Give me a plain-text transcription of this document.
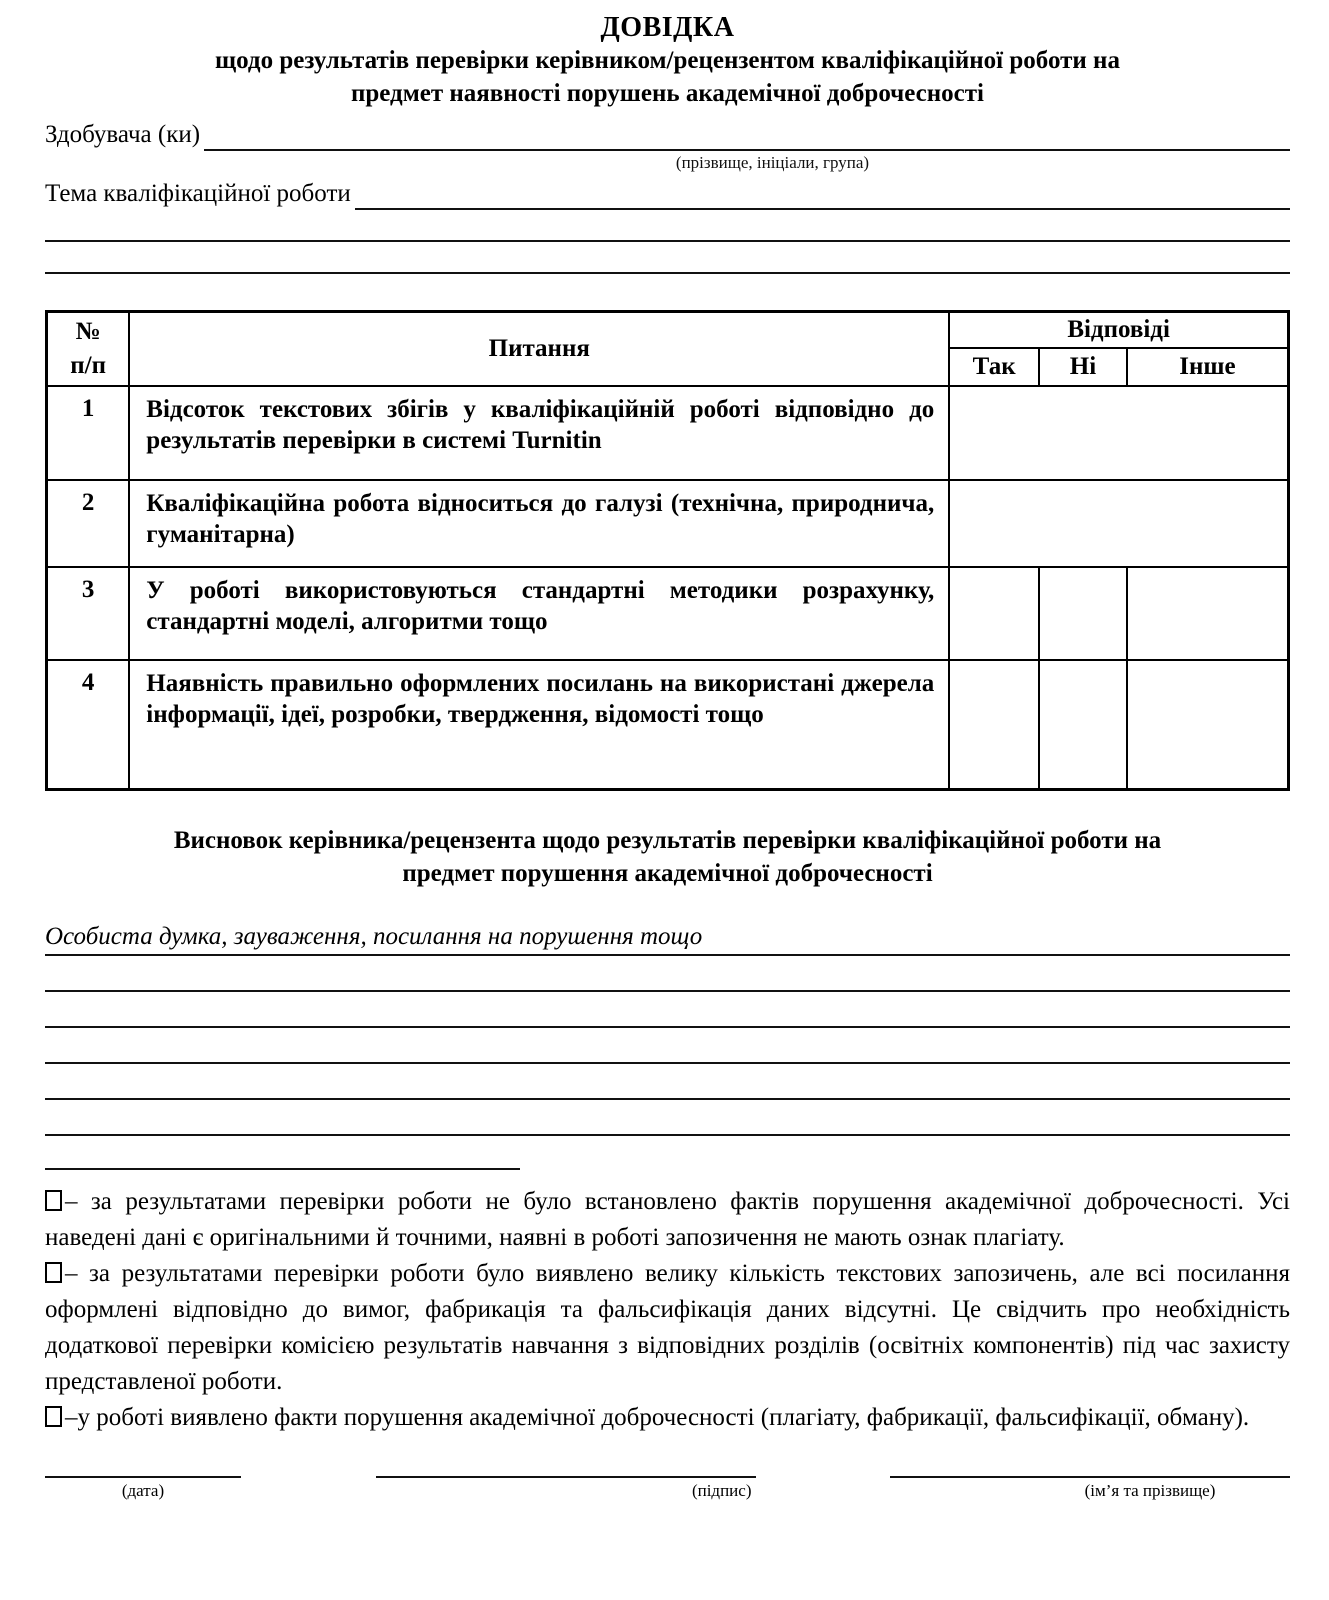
ДОВІДКА
щодо результатів перевірки керівником/рецензентом кваліфікаційної роботи на
предмет наявності порушень академічної доброчесності
Здобувача (ки)
(прізвище, ініціали, група)
Тема кваліфікаційної роботи
№
п/п	Питання	Відповіді		
		Так	Ні	Інше
1	Відсоток текстових збігів у кваліфікаційній роботі відповідно до результатів перевірки в системі Turnitin			
2	Кваліфікаційна робота відноситься до галузі (технічна, природнича, гуманітарна)			
3	У роботі використовуються стандартні методики розрахунку, стандартні моделі, алгоритми тощо			
4	Наявність правильно оформлених посилань на використані джерела інформації, ідеї, розробки, твердження, відомості тощо			
Висновок керівника/рецензента щодо результатів перевірки кваліфікаційної роботи на
предмет порушення академічної доброчесності
Особиста думка, зауваження, посилання на порушення тощо

– за результатами перевірки роботи не було встановлено фактів порушення академічної доброчесності. Усі наведені дані є оригінальними й точними, наявні в роботі запозичення не мають ознак плагіату.

– за результатами перевірки роботи було виявлено велику кількість текстових запозичень, але всі посилання оформлені відповідно до вимог, фабрикація та фальсифікація даних відсутні. Це свідчить про необхідність додаткової перевірки комісією результатів навчання з відповідних розділів (освітніх компонентів) під час захисту представленої роботи.

–у роботі виявлено факти порушення академічної доброчесності (плагіату, фабрикації, фальсифікації, обману).

(дата)	(підпис)	(ім’я та прізвище)
